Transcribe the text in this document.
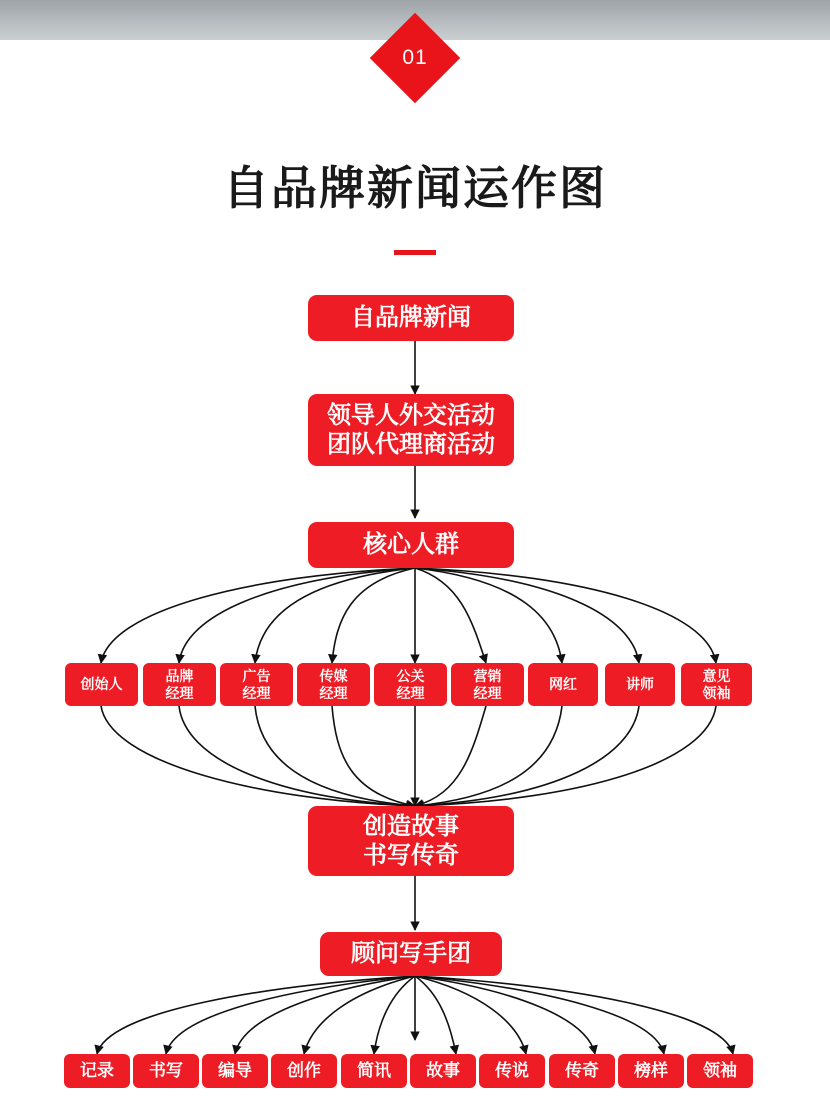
01
自品牌新闻运作图
自品牌新闻
领导人外交活动
团队代理商活动
核心人群
创造故事
书写传奇
顾问写手团
创始人
品牌
经理
广告
经理
传媒
经理
公关
经理
营销
经理
网红	讲师
意见
领袖
记录 书写 编导 创作 简讯 故事 传说 传奇 榜样 领袖
